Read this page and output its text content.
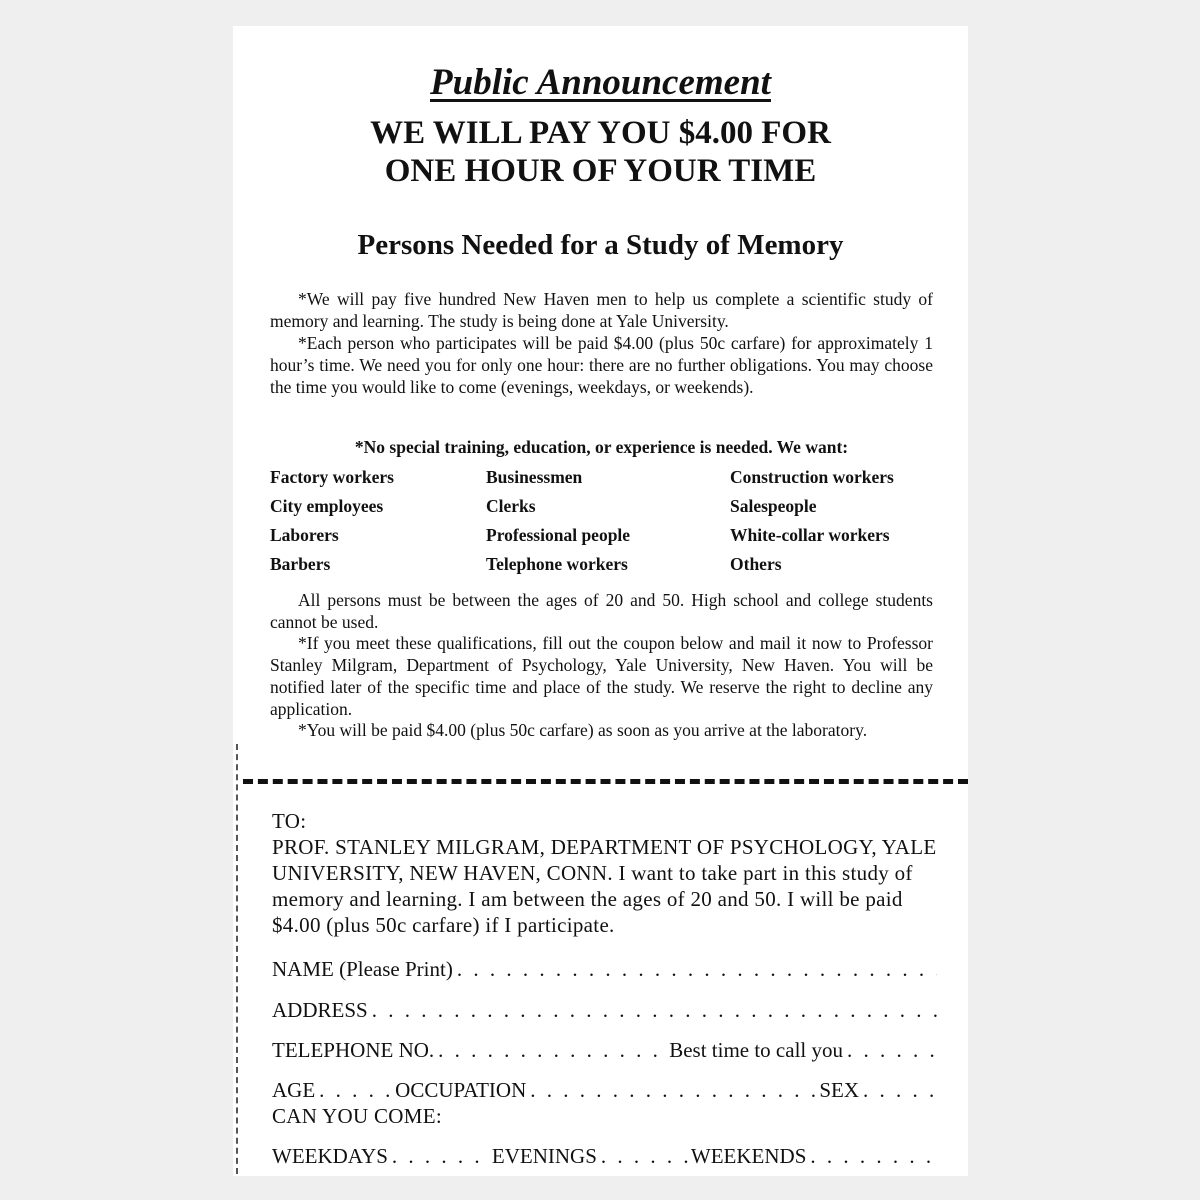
Public Announcement
WE WILL PAY YOU $4.00 FOR
ONE HOUR OF YOUR TIME
Persons Needed for a Study of Memory

*We will pay five hundred New Haven men to help us complete a scientific study of memory and learning. The study is being done at Yale University.

*Each person who participates will be paid $4.00 (plus 50c carfare) for approximately 1 hour’s time. We need you for only one hour: there are no further obligations. You may choose the time you would like to come (evenings, weekdays, or weekends).

*No special training, education, or experience is needed. We want:
Factory workers	Businessmen	Construction workers
City employees	Clerks	Salespeople
Laborers	Professional people	White-collar workers
Barbers	Telephone workers	Others

All persons must be between the ages of 20 and 50. High school and college students cannot be used.

*If you meet these qualifications, fill out the coupon below and mail it now to Professor Stanley Milgram, Department of Psychology, Yale University, New Haven. You will be notified later of the specific time and place of the study. We reserve the right to decline any application.

*You will be paid $4.00 (plus 50c carfare) as soon as you arrive at the laboratory.

TO:
PROF. STANLEY MILGRAM, DEPARTMENT OF PSYCHOLOGY, YALE UNIVERSITY, NEW HAVEN, CONN. I want to take part in this study of memory and learning. I am between the ages of 20 and 50. I will be paid $4.00 (plus 50c carfare) if I participate.
NAME (Please Print)
. . .
ADDRESS
. . .
TELEPHONE NO. . . .	Best time to call you
. . .
AGE . . .	OCCUPATION . . .	SEX
. . .
CAN YOU COME:
WEEKDAYS . . .	EVENINGS . . .	WEEKENDS
. . .
